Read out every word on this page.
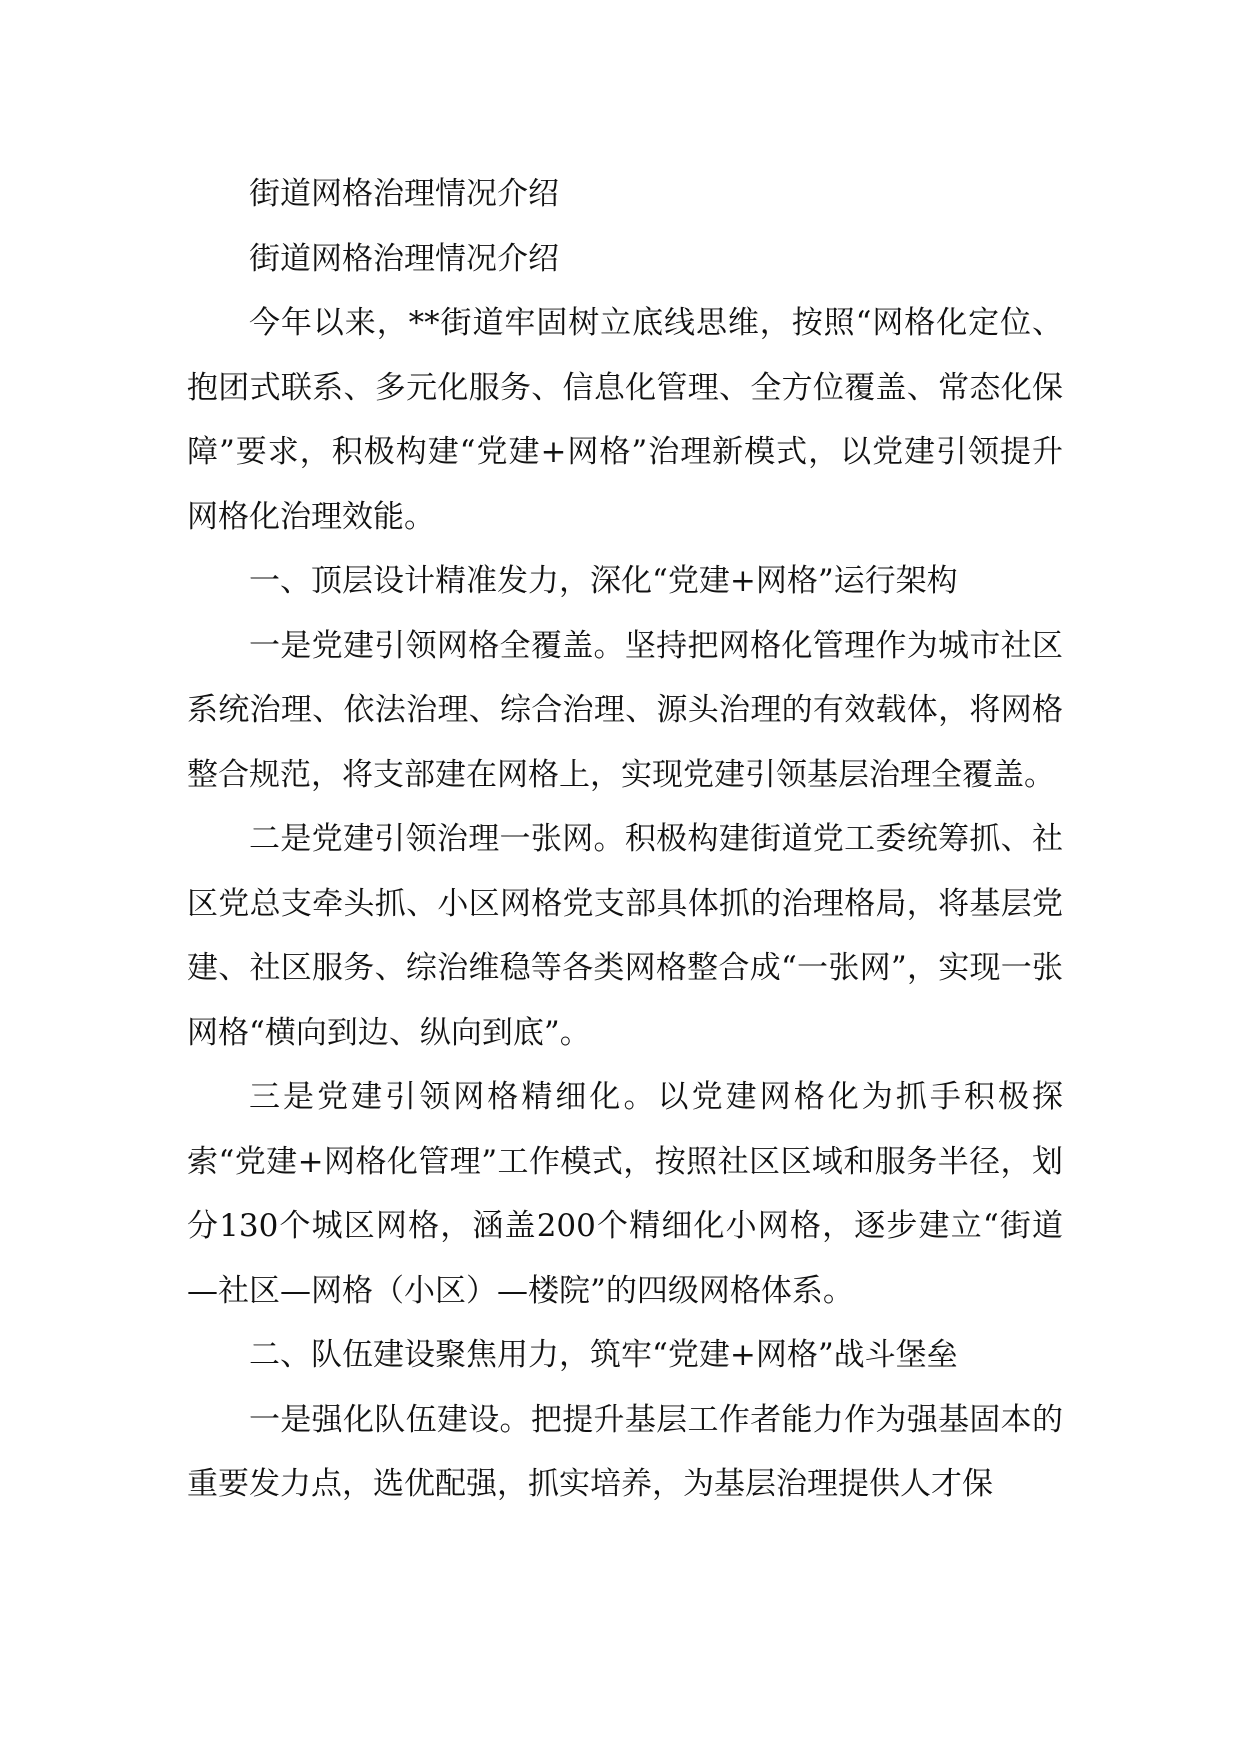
街道网格治理情况介绍

街道网格治理情况介绍

今年以来，**街道牢固树立底线思维，按照“网格化定位、抱团式联系、多元化服务、信息化管理、全方位覆盖、常态化保障”要求，积极构建“党建+网格”治理新模式，以党建引领提升网格化治理效能。

一、顶层设计精准发力，深化“党建+网格”运行架构

一是党建引领网格全覆盖。坚持把网格化管理作为城市社区系统治理、依法治理、综合治理、源头治理的有效载体，将网格整合规范，将支部建在网格上，实现党建引领基层治理全覆盖。

二是党建引领治理一张网。积极构建街道党工委统筹抓、社区党总支牵头抓、小区网格党支部具体抓的治理格局，将基层党建、社区服务、综治维稳等各类网格整合成“一张网”，实现一张网格“横向到边、纵向到底”。

三是党建引领网格精细化。以党建网格化为抓手积极探索“党建+网格化管理”工作模式，按照社区区域和服务半径，划分130个城区网格，涵盖200个精细化小网格，逐步建立“街道—社区—网格（小区）—楼院”的四级网格体系。

二、队伍建设聚焦用力，筑牢“党建+网格”战斗堡垒

一是强化队伍建设。把提升基层工作者能力作为强基固本的重要发力点，选优配强，抓实培养，为基层治理提供人才保
